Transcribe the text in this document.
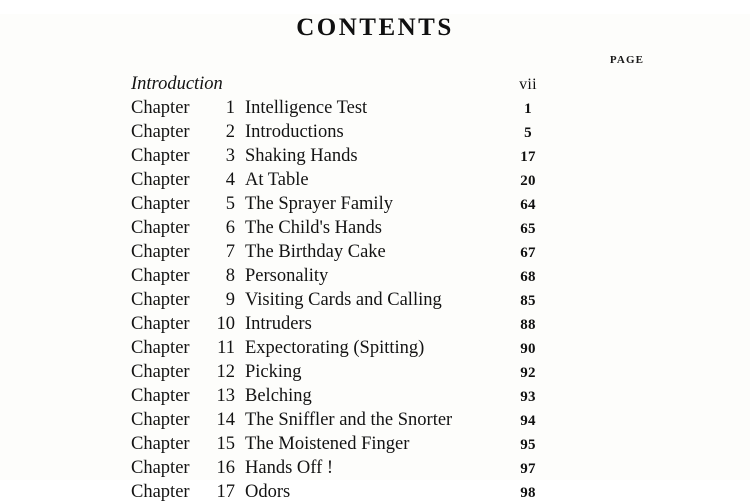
CONTENTS
PAGE
Introduction	vii
Chapter 1 Intelligence Test	1
Chapter 2 Introductions	5
Chapter 3 Shaking Hands	17
Chapter 4 At Table	20
Chapter 5 The Sprayer Family	64
Chapter 6 The Child's Hands	65
Chapter 7 The Birthday Cake	67
Chapter 8 Personality	68
Chapter 9 Visiting Cards and Calling	85
Chapter 10 Intruders	88
Chapter 11 Expectorating (Spitting)	90
Chapter 12 Picking	92
Chapter 13 Belching	93
Chapter 14 The Sniffler and the Snorter	94
Chapter 15 The Moistened Finger	95
Chapter 16 Hands Off !	97
Chapter 17 Odors	98
